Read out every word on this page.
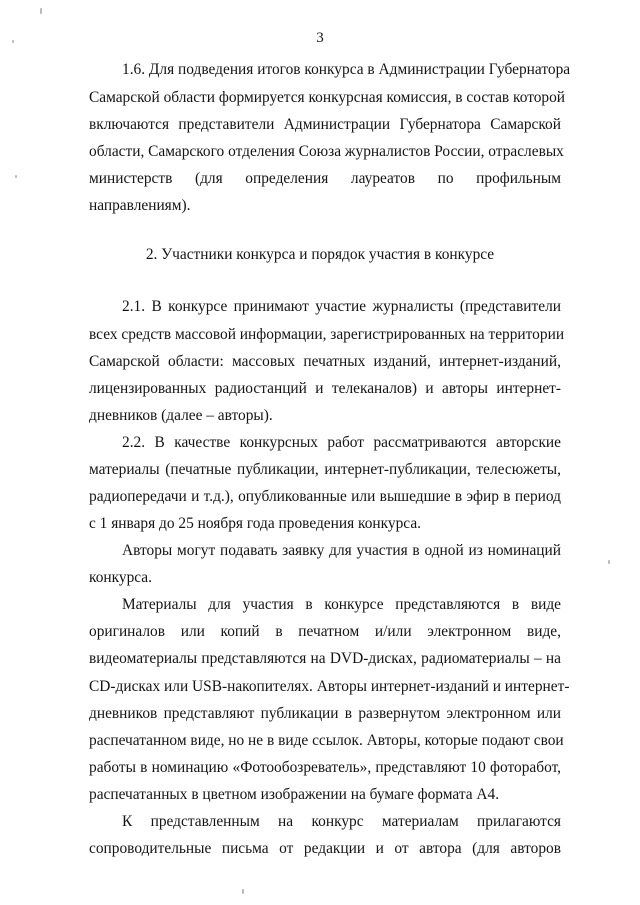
3
1.6. Для подведения итогов конкурса в Администрации Губернатора
Самарской области формируется конкурсная комиссия, в состав которой
включаются представители Администрации Губернатора Самарской
области, Самарского отделения Союза журналистов России, отраслевых
министерств (для определения лауреатов по профильным
направлениям).
2. Участники конкурса и порядок участия в конкурсе
2.1. В конкурсе принимают участие журналисты (представители
всех средств массовой информации, зарегистрированных на территории
Самарской области: массовых печатных изданий, интернет-изданий,
лицензированных радиостанций и телеканалов) и авторы интернет-
дневников (далее – авторы).
2.2. В качестве конкурсных работ рассматриваются авторские
материалы (печатные публикации, интернет-публикации, телесюжеты,
радиопередачи и т.д.), опубликованные или вышедшие в эфир в период
с 1 января до 25 ноября года проведения конкурса.
Авторы могут подавать заявку для участия в одной из номинаций
конкурса.
Материалы для участия в конкурсе представляются в виде
оригиналов или копий в печатном и/или электронном виде,
видеоматериалы представляются на DVD-дисках, радиоматериалы – на
CD-дисках или USB-накопителях. Авторы интернет-изданий и интернет-
дневников представляют публикации в развернутом электронном или
распечатанном виде, но не в виде ссылок. Авторы, которые подают свои
работы в номинацию «Фотообозреватель», представляют 10 фоторабот,
распечатанных в цветном изображении на бумаге формата А4.
К представленным на конкурс материалам прилагаются
сопроводительные письма от редакции и от автора (для авторов
